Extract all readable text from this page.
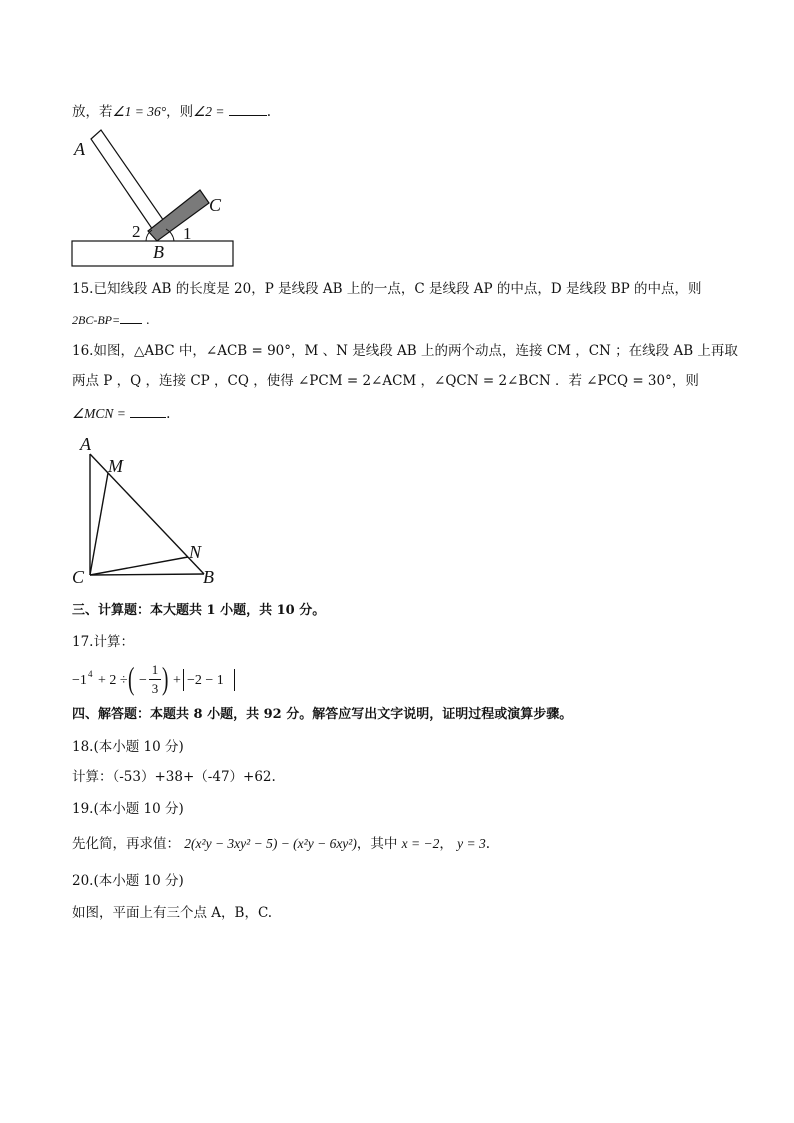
放，若∠1 = 36°，则∠2 =	.
A
C
B
1
2
15.已知线段 AB 的长度是 20，P 是线段 AB 上的一点，C 是线段 AP 的中点，D 是线段 BP 的中点，则
2BC-BP= .
16.如图，△ABC 中，∠ACB = 90°，M 、N 是线段 AB 上的两个动点，连接 CM ，CN ；在线段 AB 上再取
两点 P ，Q ，连接 CP ，CQ ，使得 ∠PCM = 2∠ACM ，∠QCN = 2∠BCN ．若 ∠PCQ = 30°，则
∠MCN =	.
A
M
N
C	B
三、计算题：本大题共 1 小题，共 10 分。
17.计算：
−1 4 + 2 ÷ ( −
1
3 ) + −2 − 1
四、解答题：本题共 8 小题，共 92 分。解答应写出文字说明，证明过程或演算步骤。
18.(本小题 10 分)
计算：（-53）+38+（-47）+62.
19.(本小题 10 分)
先化简，再求值： 2(x²y − 3xy² − 5) − (x²y − 6xy²)，其中 x = −2， y = 3.
20.(本小题 10 分)
如图，平面上有三个点 A，B，C.
